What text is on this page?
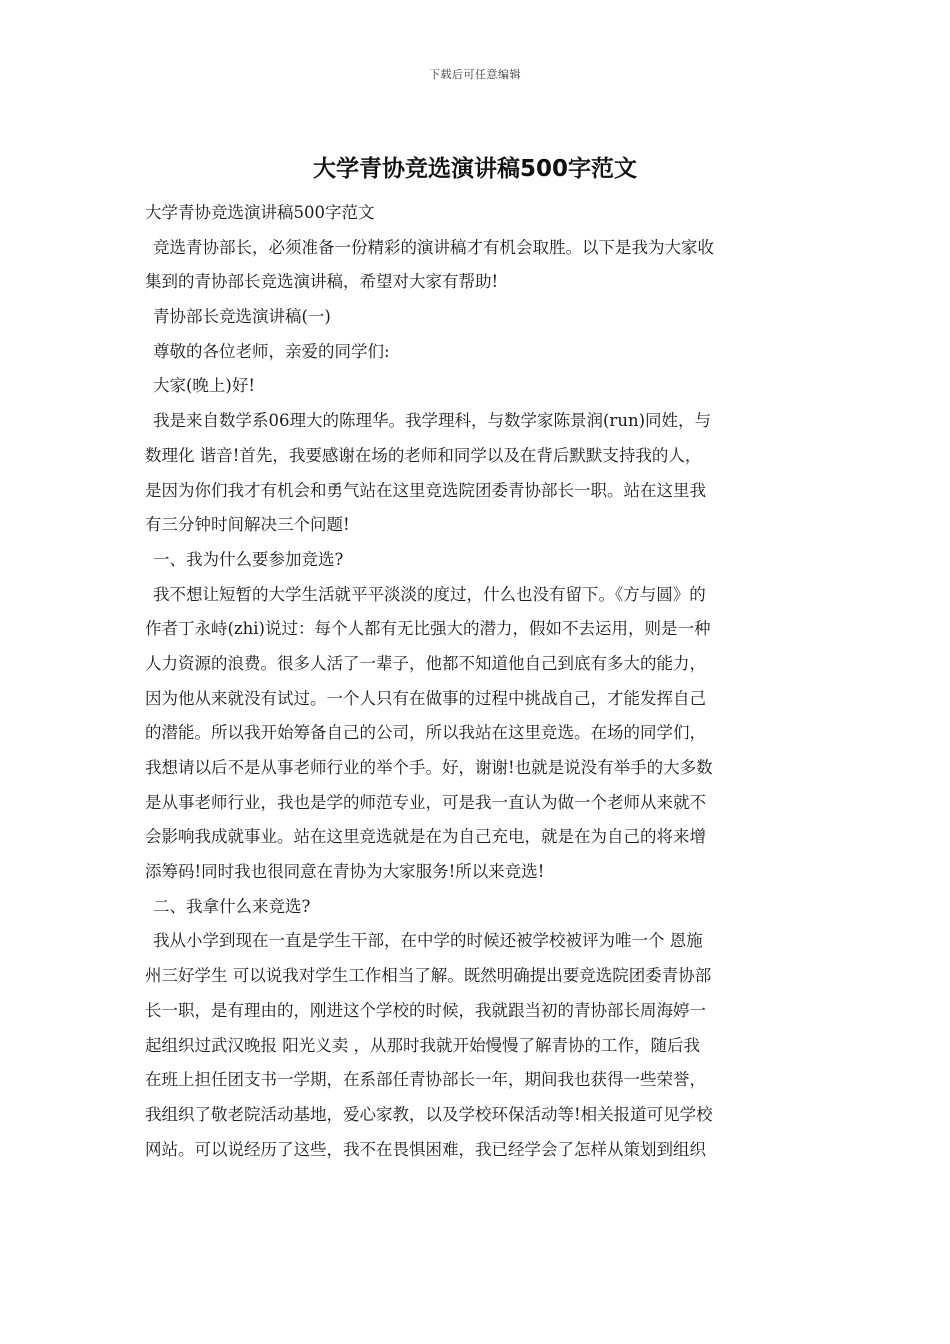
下载后可任意编辑
大学青协竞选演讲稿500字范文
大学青协竞选演讲稿500字范文
竞选青协部长，必须准备一份精彩的演讲稿才有机会取胜。以下是我为大家收
集到的青协部长竞选演讲稿，希望对大家有帮助!
青协部长竞选演讲稿(一)
尊敬的各位老师，亲爱的同学们:
大家(晚上)好!
我是来自数学系06理大的陈理华。我学理科，与数学家陈景润(run)同姓，与
数理化 谐音!首先，我要感谢在场的老师和同学以及在背后默默支持我的人，
是因为你们我才有机会和勇气站在这里竞选院团委青协部长一职。站在这里我
有三分钟时间解决三个问题!
一、我为什么要参加竞选?
我不想让短暂的大学生活就平平淡淡的度过，什么也没有留下。《方与圆》的
作者丁永峙(zhi)说过：每个人都有无比强大的潜力，假如不去运用，则是一种
人力资源的浪费。很多人活了一辈子，他都不知道他自己到底有多大的能力，
因为他从来就没有试过。一个人只有在做事的过程中挑战自己，才能发挥自己
的潜能。所以我开始筹备自己的公司，所以我站在这里竞选。在场的同学们，
我想请以后不是从事老师行业的举个手。好，谢谢!也就是说没有举手的大多数
是从事老师行业，我也是学的师范专业，可是我一直认为做一个老师从来就不
会影响我成就事业。站在这里竞选就是在为自己充电，就是在为自己的将来增
添筹码!同时我也很同意在青协为大家服务!所以来竞选!
二、我拿什么来竞选?
我从小学到现在一直是学生干部，在中学的时候还被学校被评为唯一个 恩施
州三好学生 可以说我对学生工作相当了解。既然明确提出要竞选院团委青协部
长一职，是有理由的，刚进这个学校的时候，我就跟当初的青协部长周海婷一
起组织过武汉晚报 阳光义卖 ，从那时我就开始慢慢了解青协的工作，随后我
在班上担任团支书一学期，在系部任青协部长一年，期间我也获得一些荣誉，
我组织了敬老院活动基地，爱心家教，以及学校环保活动等!相关报道可见学校
网站。可以说经历了这些，我不在畏惧困难，我已经学会了怎样从策划到组织
